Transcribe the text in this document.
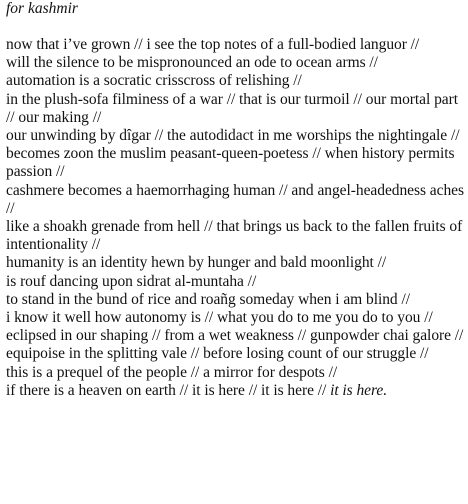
for kashmir

now that i’ve grown // i see the top notes of a full-bodied languor //
will the silence to be mispronounced an ode to ocean arms //
automation is a socratic crisscross of relishing //
in the plush-sofa filminess of a war // that is our turmoil // our mortal part // our making //
our unwinding by dîgar // the autodidact in me worships the nightingale //
becomes zoon the muslim peasant-queen-poetess // when history permits passion //
cashmere becomes a haemorrhaging human // and angel-headedness aches //
like a shoakh grenade from hell // that brings us back to the fallen fruits of intentionality //
humanity is an identity hewn by hunger and bald moonlight //
is rouf dancing upon sidrat al-muntaha //
to stand in the bund of rice and roañg someday when i am blind //
i know it well how autonomy is // what you do to me you do to you //
eclipsed in our shaping // from a wet weakness // gunpowder chai galore //
equipoise in the splitting vale // before losing count of our struggle //
this is a prequel of the people // a mirror for despots //
if there is a heaven on earth // it is here // it is here // it is here.
